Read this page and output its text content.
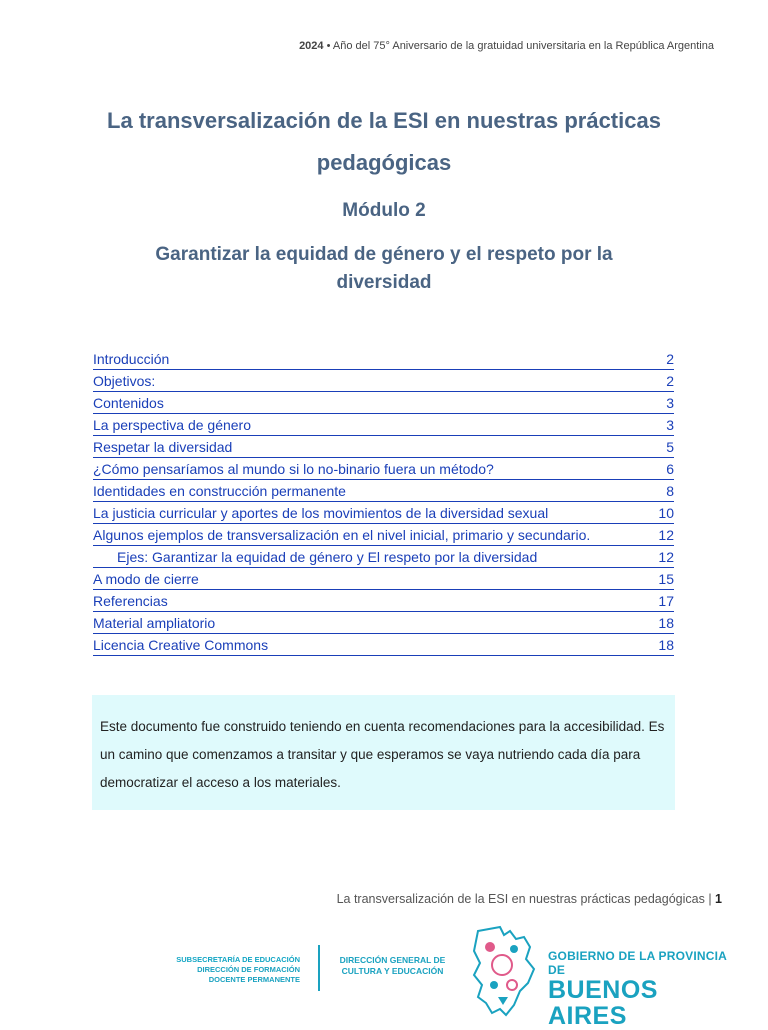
2024 • Año del 75° Aniversario de la gratuidad universitaria en la República Argentina
La transversalización de la ESI en nuestras prácticas pedagógicas
Módulo 2
Garantizar la equidad de género y el respeto por la diversidad
Introducción	2
Objetivos:	2
Contenidos	3
La perspectiva de género	3
Respetar la diversidad	5
¿Cómo pensaríamos al mundo si lo no-binario fuera un método?	6
Identidades en construcción permanente	8
La justicia curricular y aportes de los movimientos de la diversidad sexual	10
Algunos ejemplos de transversalización en el nivel inicial, primario y secundario.	12
Ejes: Garantizar la equidad de género y El respeto por la diversidad	12
A modo de cierre	15
Referencias	17
Material ampliatorio	18
Licencia Creative Commons	18
Este documento fue construido teniendo en cuenta recomendaciones para la accesibilidad. Es un camino que comenzamos a transitar y que esperamos se vaya nutriendo cada día para democratizar el acceso a los materiales.
La transversalización de la ESI en nuestras prácticas pedagógicas | 1
SUBSECRETARÍA DE EDUCACIÓN
DIRECCIÓN DE FORMACIÓN
DOCENTE PERMANENTE
DIRECCIÓN GENERAL DE
CULTURA Y EDUCACIÓN
GOBIERNO DE LA PROVINCIA DE
BUENOS AIRES
